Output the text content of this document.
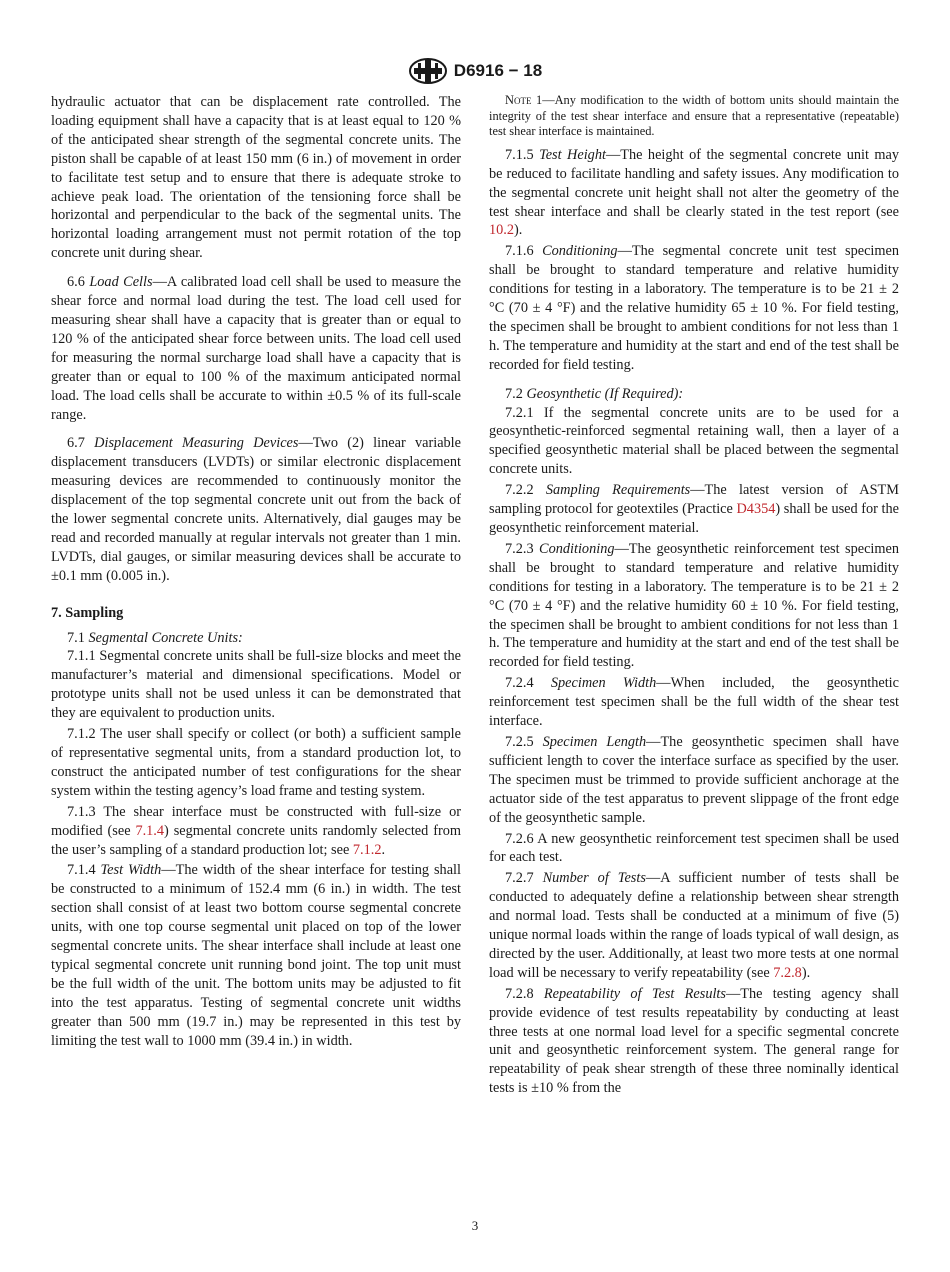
D6916 − 18

hydraulic actuator that can be displacement rate controlled. The loading equipment shall have a capacity that is at least equal to 120 % of the anticipated shear strength of the segmental concrete units. The piston shall be capable of at least 150 mm (6 in.) of movement in order to facilitate test setup and to ensure that there is adequate stroke to achieve peak load. The orientation of the tensioning force shall be horizontal and perpendicular to the back of the segmental units. The horizontal loading arrangement must not permit rotation of the top concrete unit during shear.

6.6 Load Cells—A calibrated load cell shall be used to measure the shear force and normal load during the test. The load cell used for measuring shear shall have a capacity that is greater than or equal to 120 % of the anticipated shear force between units. The load cell used for measuring the normal surcharge load shall have a capacity that is greater than or equal to 100 % of the maximum anticipated normal load. The load cells shall be accurate to within ±0.5 % of its full-scale range.

6.7 Displacement Measuring Devices—Two (2) linear variable displacement transducers (LVDTs) or similar electronic displacement measuring devices are recommended to continuously monitor the displacement of the top segmental concrete unit out from the back of the lower segmental concrete units. Alternatively, dial gauges may be read and recorded manually at regular intervals not greater than 1 min. LVDTs, dial gauges, or similar measuring devices shall be accurate to ±0.1 mm (0.005 in.).

7. Sampling

7.1 Segmental Concrete Units:

7.1.1 Segmental concrete units shall be full-size blocks and meet the manufacturer’s material and dimensional specifications. Model or prototype units shall not be used unless it can be demonstrated that they are equivalent to production units.

7.1.2 The user shall specify or collect (or both) a sufficient sample of representative segmental units, from a standard production lot, to construct the anticipated number of test configurations for the shear system within the testing agency’s load frame and testing system.

7.1.3 The shear interface must be constructed with full-size or modified (see 7.1.4) segmental concrete units randomly selected from the user’s sampling of a standard production lot; see 7.1.2.

7.1.4 Test Width—The width of the shear interface for testing shall be constructed to a minimum of 152.4 mm (6 in.) in width. The test section shall consist of at least two bottom course segmental concrete units, with one top course segmental unit placed on top of the lower segmental concrete units. The shear interface shall include at least one typical segmental concrete unit running bond joint. The top unit must be the full width of the unit. The bottom units may be adjusted to fit into the test apparatus. Testing of segmental concrete unit widths greater than 500 mm (19.7 in.) may be represented in this test by limiting the test wall to 1000 mm (39.4 in.) in width.

Note 1—Any modification to the width of bottom units should maintain the integrity of the test shear interface and ensure that a representative (repeatable) test shear interface is maintained.

7.1.5 Test Height—The height of the segmental concrete unit may be reduced to facilitate handling and safety issues. Any modification to the segmental concrete unit height shall not alter the geometry of the test shear interface and shall be clearly stated in the test report (see 10.2).

7.1.6 Conditioning—The segmental concrete unit test specimen shall be brought to standard temperature and relative humidity conditions for testing in a laboratory. The temperature is to be 21 ± 2 °C (70 ± 4 °F) and the relative humidity 65 ± 10 %. For field testing, the specimen shall be brought to ambient conditions for not less than 1 h. The temperature and humidity at the start and end of the test shall be recorded for field testing.

7.2 Geosynthetic (If Required):

7.2.1 If the segmental concrete units are to be used for a geosynthetic-reinforced segmental retaining wall, then a layer of a specified geosynthetic material shall be placed between the segmental concrete units.

7.2.2 Sampling Requirements—The latest version of ASTM sampling protocol for geotextiles (Practice D4354) shall be used for the geosynthetic reinforcement material.

7.2.3 Conditioning—The geosynthetic reinforcement test specimen shall be brought to standard temperature and relative humidity conditions for testing in a laboratory. The temperature is to be 21 ± 2 °C (70 ± 4 °F) and the relative humidity 60 ± 10 %. For field testing, the specimen shall be brought to ambient conditions for not less than 1 h. The temperature and humidity at the start and end of the test shall be recorded for field testing.

7.2.4 Specimen Width—When included, the geosynthetic reinforcement test specimen shall be the full width of the shear test interface.

7.2.5 Specimen Length—The geosynthetic specimen shall have sufficient length to cover the interface surface as specified by the user. The specimen must be trimmed to provide sufficient anchorage at the actuator side of the test apparatus to prevent slippage of the front edge of the geosynthetic sample.

7.2.6 A new geosynthetic reinforcement test specimen shall be used for each test.

7.2.7 Number of Tests—A sufficient number of tests shall be conducted to adequately define a relationship between shear strength and normal load. Tests shall be conducted at a minimum of five (5) unique normal loads within the range of loads typical of wall design, as directed by the user. Additionally, at least two more tests at one normal load will be necessary to verify repeatability (see 7.2.8).

7.2.8 Repeatability of Test Results—The testing agency shall provide evidence of test results repeatability by conducting at least three tests at one normal load level for a specific segmental concrete unit and geosynthetic reinforcement system. The general range for repeatability of peak shear strength of these three nominally identical tests is ±10 % from the

3
